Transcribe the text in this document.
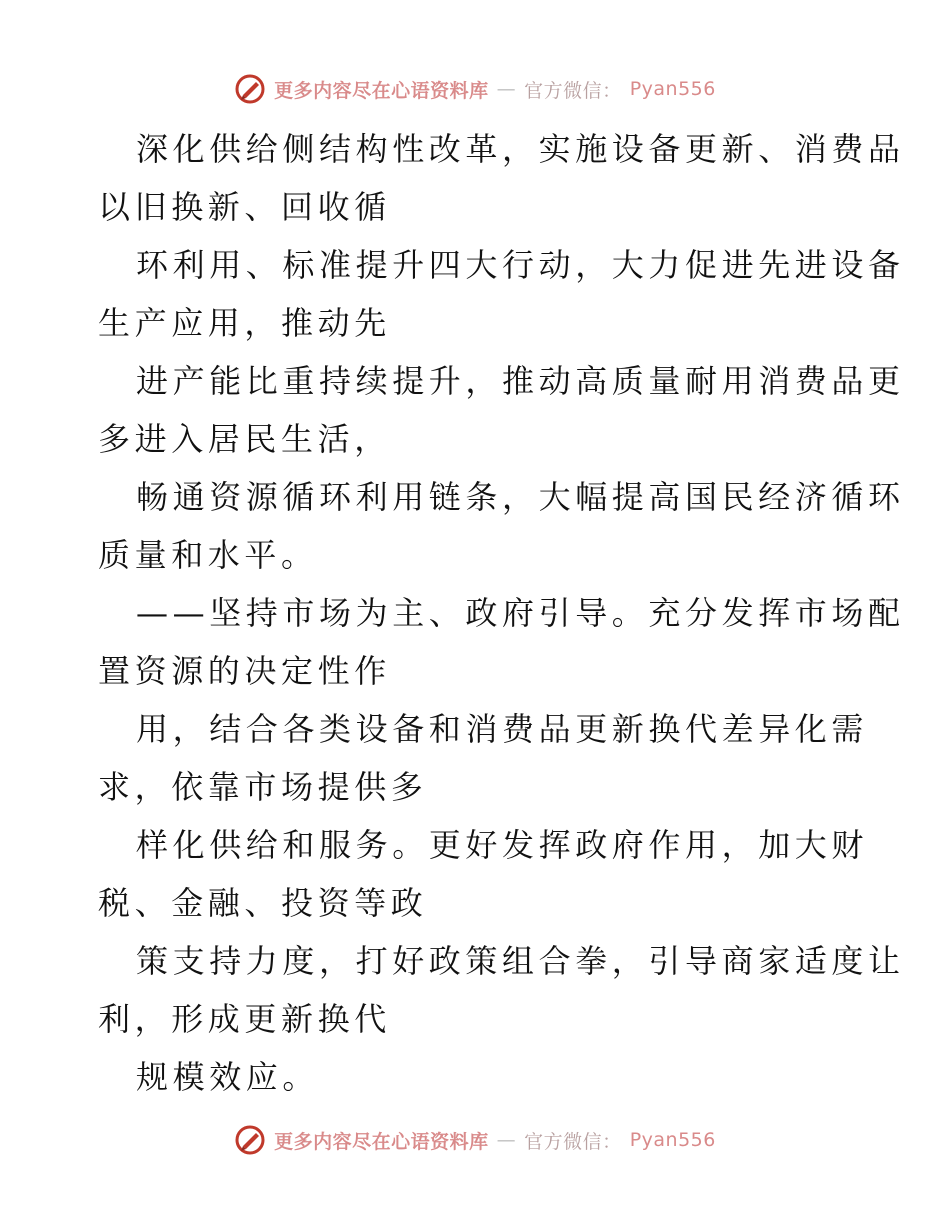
更多内容尽在心语资料库 — 官方微信： Pyan556
深化供给侧结构性改革，实施设备更新、消费品
以旧换新、回收循
环利用、标准提升四大行动，大力促进先进设备
生产应用，推动先
进产能比重持续提升，推动高质量耐用消费品更
多进入居民生活，
畅通资源循环利用链条，大幅提高国民经济循环
质量和水平。
——坚持市场为主、政府引导。充分发挥市场配
置资源的决定性作
用，结合各类设备和消费品更新换代差异化需
求，依靠市场提供多
样化供给和服务。更好发挥政府作用，加大财
税、金融、投资等政
策支持力度，打好政策组合拳，引导商家适度让
利，形成更新换代
规模效应。
更多内容尽在心语资料库 — 官方微信： Pyan556
